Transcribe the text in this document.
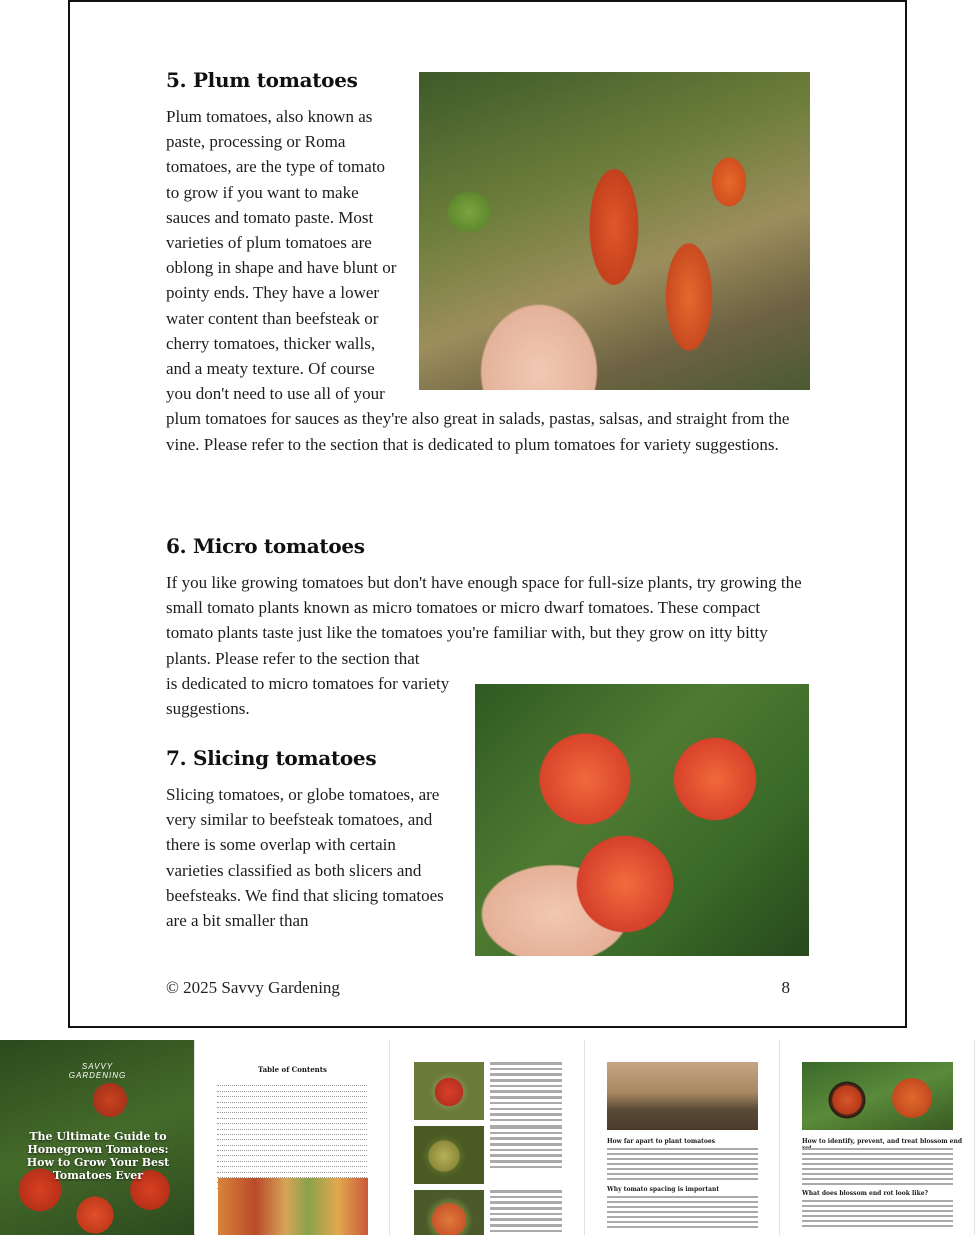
5. Plum tomatoes

Plum tomatoes, also known as paste, processing or Roma tomatoes, are the type of tomato to grow if you want to make sauces and tomato paste. Most varieties of plum tomatoes are oblong in shape and have blunt or pointy ends. They have a lower water content than beefsteak or cherry tomatoes, thicker walls, and a meaty texture. Of course you don't need to use all of your plum tomatoes for sauces as they're also great in salads, pastas, salsas, and straight from the vine. Please refer to the section that is dedicated to plum tomatoes for variety suggestions.

6. Micro tomatoes

If you like growing tomatoes but don't have enough space for full-size plants, try growing the small tomato plants known as micro tomatoes or micro dwarf tomatoes. These compact tomato plants taste just like the tomatoes you're familiar with, but they grow on itty bitty plants. Please refer to the section that

is dedicated to micro tomatoes for variety suggestions.

7. Slicing tomatoes

Slicing tomatoes, or globe tomatoes, are very similar to beefsteak tomatoes, and there is some overlap with certain varieties classified as both slicers and beefsteaks. We find that slicing tomatoes are a bit smaller than

© 2025 Savvy Gardening	8
SAVVY
GARDENING
The Ultimate Guide to Homegrown Tomatoes: How to Grow Your Best Tomatoes Ever
Table of Contents
How far apart to plant tomatoes
Why tomato spacing is important
How to identify, prevent, and treat blossom end
What does blossom end rot look like?
